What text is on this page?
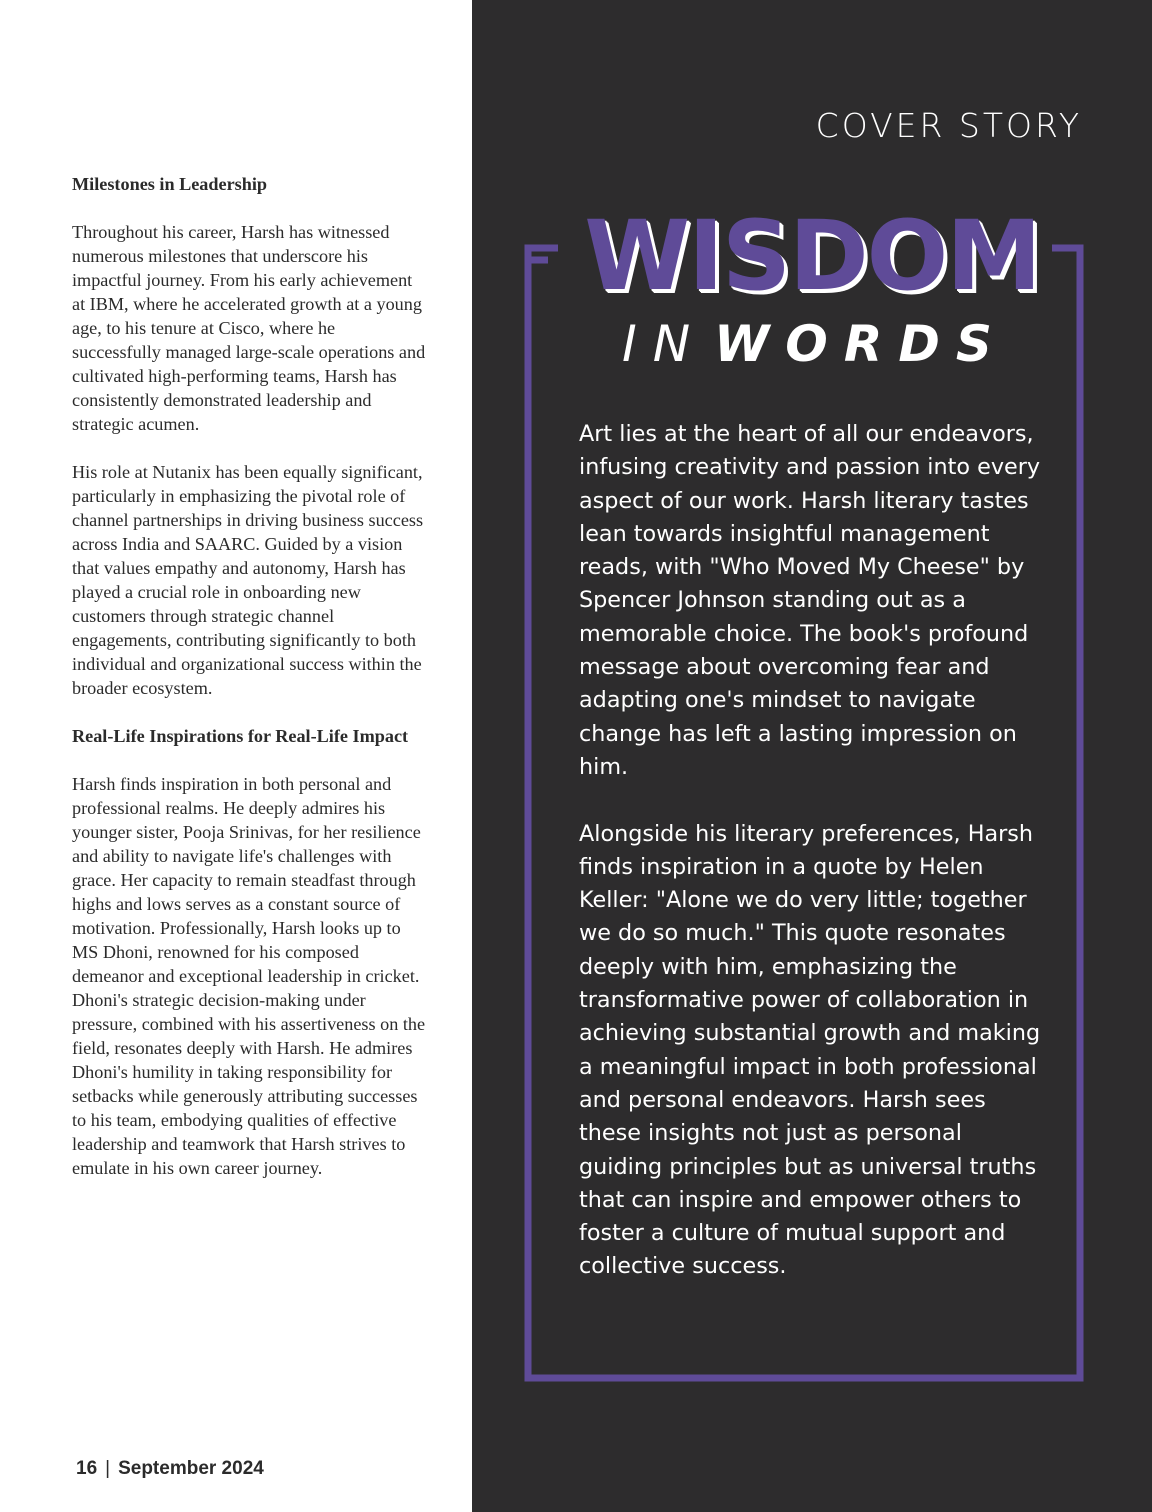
Milestones in Leadership

Throughout his career, Harsh has witnessed numerous milestones that underscore his impactful journey. From his early achievement at IBM, where he accelerated growth at a young age, to his tenure at Cisco, where he successfully managed large-scale operations and cultivated high-performing teams, Harsh has consistently demonstrated leadership and strategic acumen.

His role at Nutanix has been equally significant, particularly in emphasizing the pivotal role of channel partnerships in driving business success across India and SAARC. Guided by a vision that values empathy and autonomy, Harsh has played a crucial role in onboarding new customers through strategic channel engagements, contributing significantly to both individual and organizational success within the broader ecosystem.

Real-Life Inspirations for Real-Life Impact

Harsh finds inspiration in both personal and professional realms. He deeply admires his younger sister, Pooja Srinivas, for her resilience and ability to navigate life's challenges with grace. Her capacity to remain steadfast through highs and lows serves as a constant source of motivation. Professionally, Harsh looks up to MS Dhoni, renowned for his composed demeanor and exceptional leadership in cricket. Dhoni's strategic decision-making under pressure, combined with his assertiveness on the field, resonates deeply with Harsh. He admires Dhoni's humility in taking responsibility for setbacks while generously attributing successes to his team, embodying qualities of effective leadership and teamwork that Harsh strives to emulate in his own career journey.

16 | September 2024
COVER STORY
WISDOM
IN WORDS

Art lies at the heart of all our endeavors, infusing creativity and passion into every aspect of our work. Harsh literary tastes lean towards insightful management reads, with "Who Moved My Cheese" by Spencer Johnson standing out as a memorable choice. The book's profound message about overcoming fear and adapting one's mindset to navigate change has left a lasting impression on him.

Alongside his literary preferences, Harsh finds inspiration in a quote by Helen Keller: "Alone we do very little; together we do so much." This quote resonates deeply with him, emphasizing the transformative power of collaboration in achieving substantial growth and making a meaningful impact in both professional and personal endeavors. Harsh sees these insights not just as personal guiding principles but as universal truths that can inspire and empower others to foster a culture of mutual support and collective success.
